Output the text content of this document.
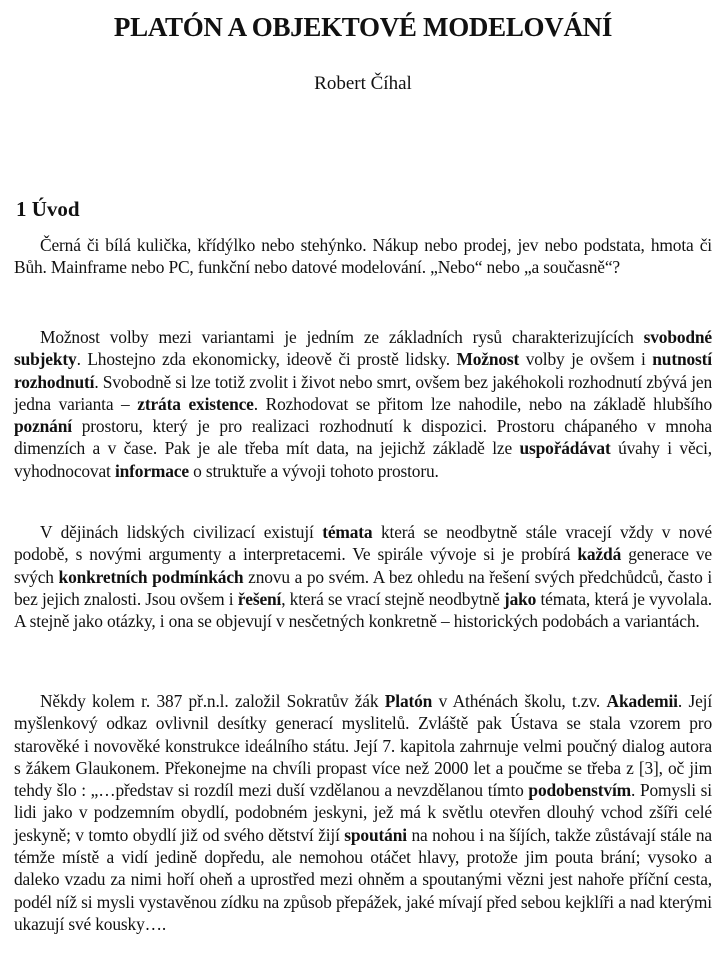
PLATÓN A OBJEKTOVÉ MODELOVÁNÍ

Robert Číhal

1 Úvod

Černá či bílá kulička, křídýlko nebo stehýnko. Nákup nebo prodej, jev nebo podstata, hmota či Bůh. Mainframe nebo PC, funkční nebo datové modelování. „Nebo“ nebo „a současně“?

Možnost volby mezi variantami je jedním ze základních rysů charakterizujících svobodné subjekty. Lhostejno zda ekonomicky, ideově či prostě lidsky. Možnost volby je ovšem i nutností rozhodnutí. Svobodně si lze totiž zvolit i život nebo smrt, ovšem bez jakéhokoli rozhodnutí zbývá jen jedna varianta – ztráta existence. Rozhodovat se přitom lze nahodile, nebo na základě hlubšího poznání prostoru, který je pro realizaci rozhodnutí k dispozici. Prostoru chápaného v mnoha dimenzích a v čase. Pak je ale třeba mít data, na jejichž základě lze uspořádávat úvahy i věci, vyhodnocovat informace o struktuře a vývoji tohoto prostoru.

V dějinách lidských civilizací existují témata která se neodbytně stále vracejí vždy v nové podobě, s novými argumenty a interpretacemi. Ve spirále vývoje si je probírá každá generace ve svých konkretních podmínkách znovu a po svém. A bez ohledu na řešení svých předchůdců, často i bez jejich znalosti. Jsou ovšem i řešení, která se vrací stejně neodbytně jako témata, která je vyvolala. A stejně jako otázky, i ona se objevují v nesčetných konkretně – historických podobách a variantách.

Někdy kolem r. 387 př.n.l. založil Sokratův žák Platón v Athénách školu, t.zv. Akademii. Její myšlenkový odkaz ovlivnil desítky generací myslitelů. Zvláště pak Ústava se stala vzorem pro starověké i novověké konstrukce ideálního státu. Její 7. kapitola zahrnuje velmi poučný dialog autora s žákem Glaukonem. Překonejme na chvíli propast více než 2000 let a poučme se třeba z [3], oč jim tehdy šlo : „…představ si rozdíl mezi duší vzdělanou a nevzdělanou tímto podobenstvím. Pomysli si lidi jako v podzemním obydlí, podobném jeskyni, jež má k světlu otevřen dlouhý vchod zšíři celé jeskyně; v tomto obydlí již od svého dětství žijí spoutáni na nohou i na šíjích, takže zůstávají stále na témže místě a vidí jedině dopředu, ale nemohou otáčet hlavy, protože jim pouta brání; vysoko a daleko vzadu za nimi hoří oheň a uprostřed mezi ohněm a spoutanými vězni jest nahoře příční cesta, podél níž si mysli vystavěnou zídku na způsob přepážek, jaké mívají před sebou kejklíři a nad kterými ukazují své kousky….
